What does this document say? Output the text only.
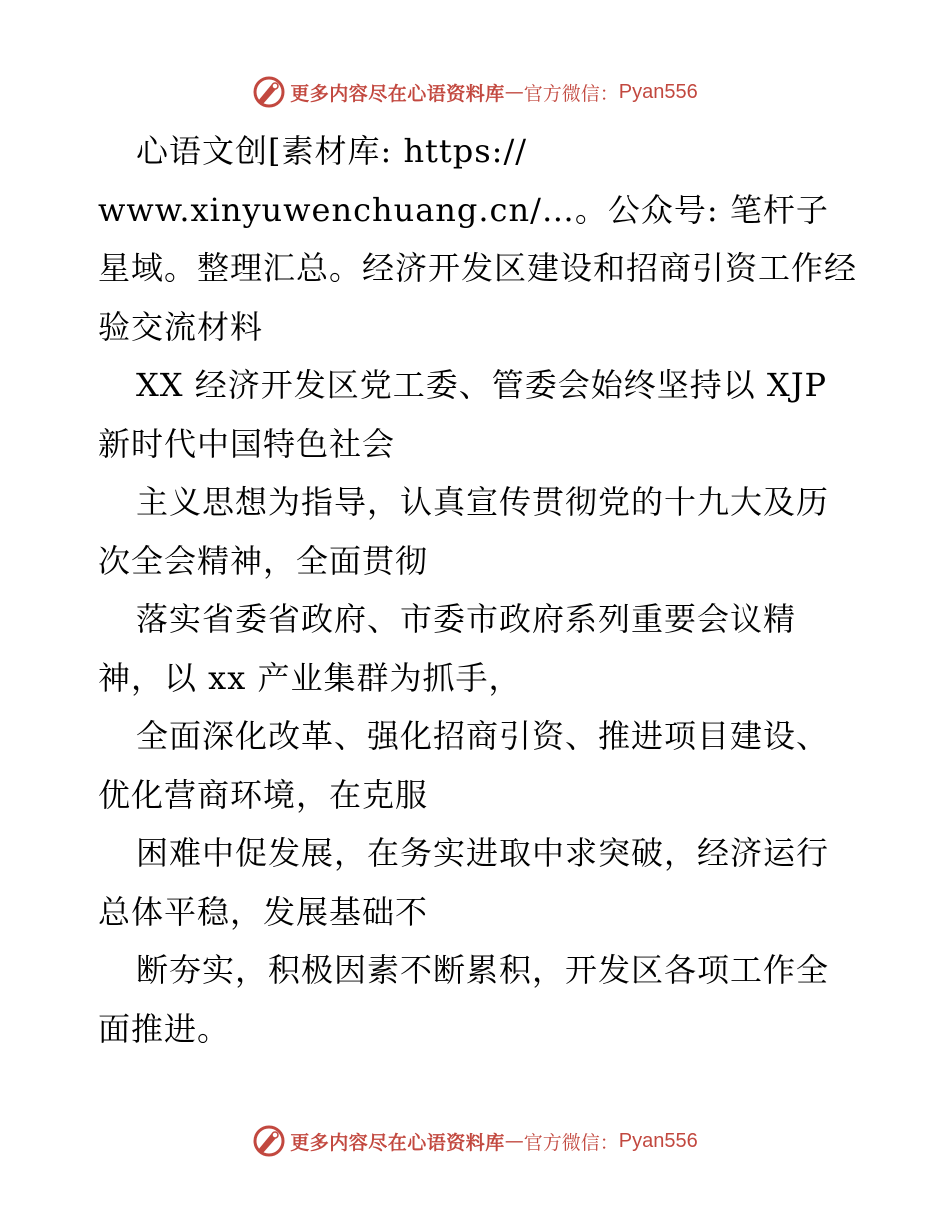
更多内容尽在心语资料库 — 官方微信： Pyan556

心语文创[素材库: https:// www.xinyuwenchuang.cn/…。公众号: 笔杆子星域。整理汇总。经济开发区建设和招商引资工作经验交流材料

XX 经济开发区党工委、管委会始终坚持以 XJP 新时代中国特色社会

主义思想为指导，认真宣传贯彻党的十九大及历次全会精神，全面贯彻

落实省委省政府、市委市政府系列重要会议精神，以 xx 产业集群为抓手，

全面深化改革、强化招商引资、推进项目建设、优化营商环境，在克服

困难中促发展，在务实进取中求突破，经济运行总体平稳，发展基础不

断夯实，积极因素不断累积，开发区各项工作全面推进。

更多内容尽在心语资料库 — 官方微信： Pyan556
